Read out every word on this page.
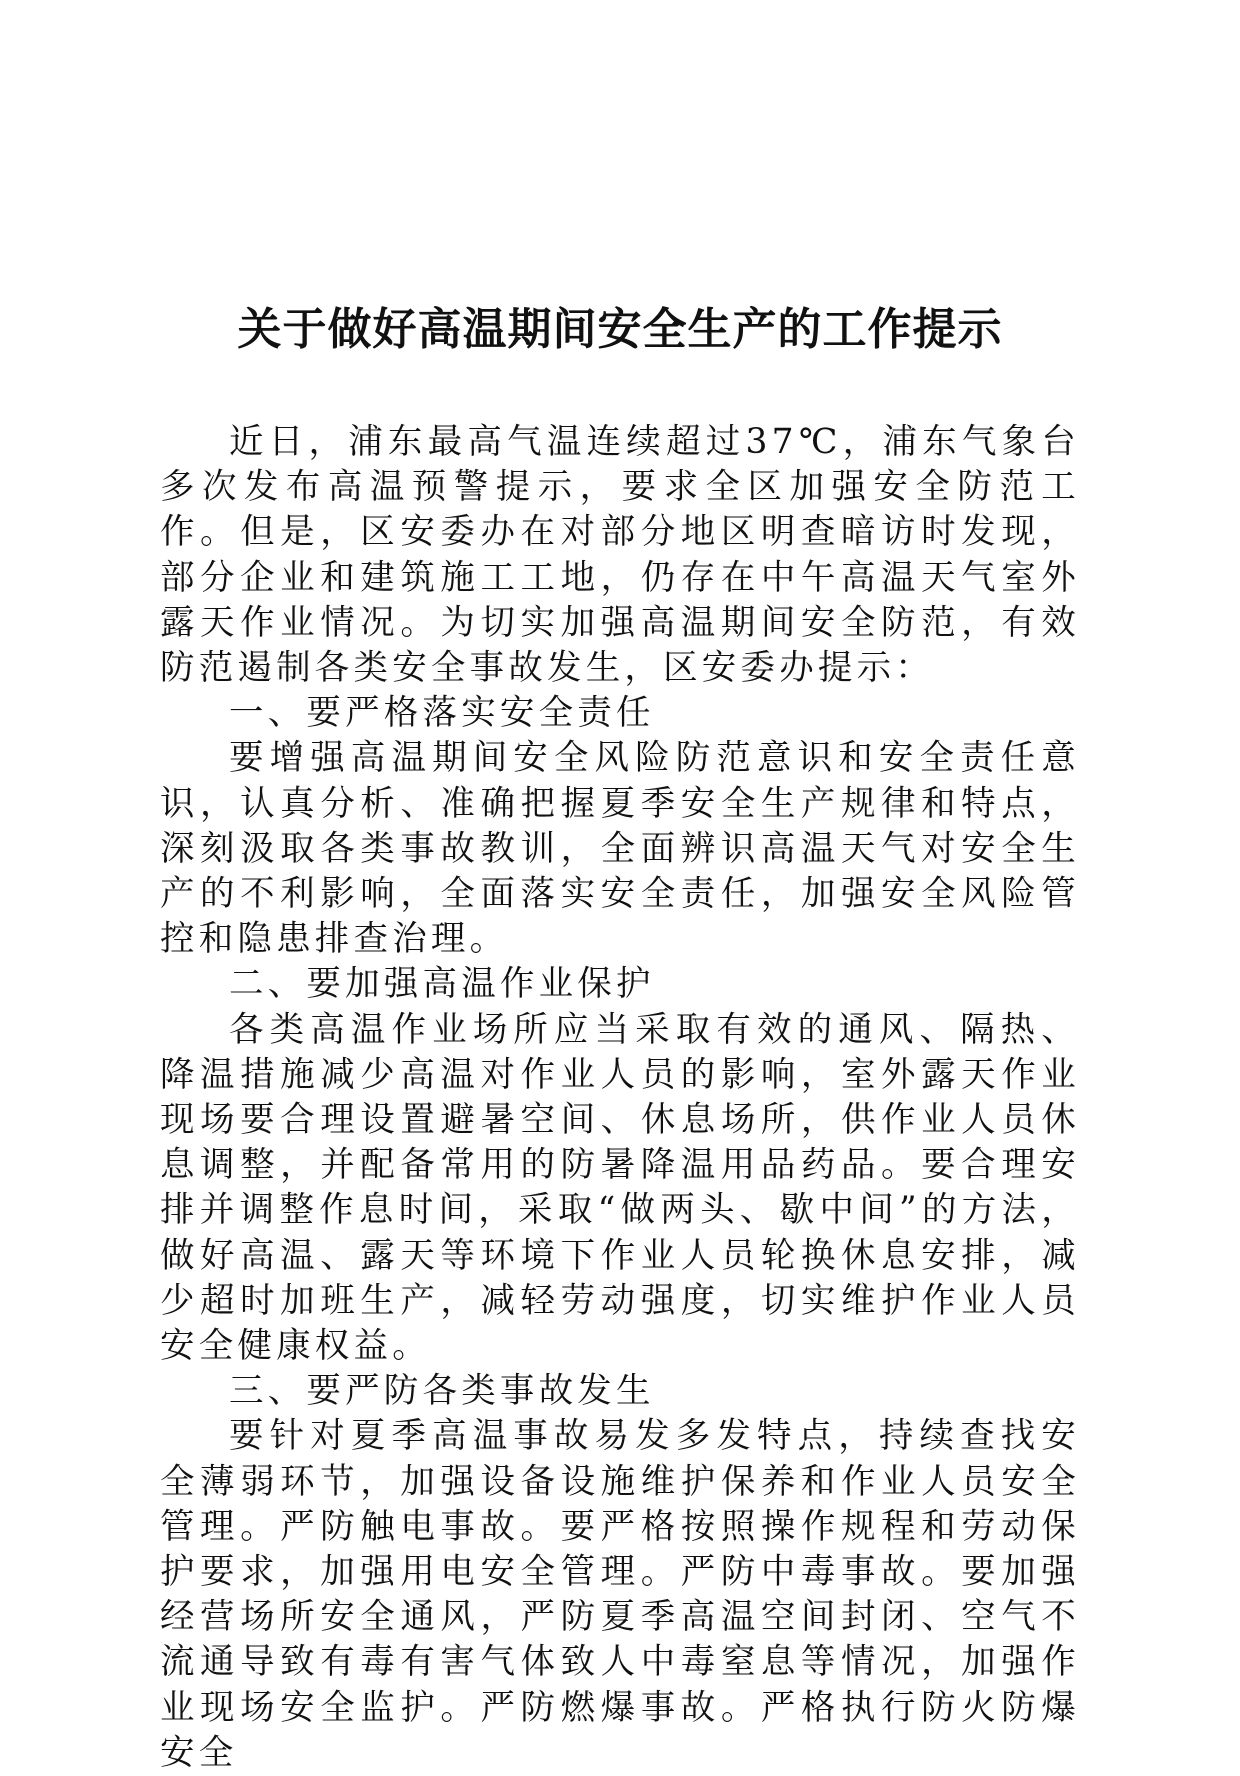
关于做好高温期间安全生产的工作提示

近日，浦东最高气温连续超过37℃，浦东气象台多次发布高温预警提示，要求全区加强安全防范工作。但是，区安委办在对部分地区明查暗访时发现，部分企业和建筑施工工地，仍存在中午高温天气室外露天作业情况。为切实加强高温期间安全防范，有效防范遏制各类安全事故发生，区安委办提示：

一、要严格落实安全责任

要增强高温期间安全风险防范意识和安全责任意识，认真分析、准确把握夏季安全生产规律和特点，深刻汲取各类事故教训，全面辨识高温天气对安全生产的不利影响，全面落实安全责任，加强安全风险管控和隐患排查治理。

二、要加强高温作业保护

各类高温作业场所应当采取有效的通风、隔热、降温措施减少高温对作业人员的影响，室外露天作业现场要合理设置避暑空间、休息场所，供作业人员休息调整，并配备常用的防暑降温用品药品。要合理安排并调整作息时间，采取“做两头、歇中间”的方法，做好高温、露天等环境下作业人员轮换休息安排，减少超时加班生产，减轻劳动强度，切实维护作业人员安全健康权益。

三、要严防各类事故发生

要针对夏季高温事故易发多发特点，持续查找安全薄弱环节，加强设备设施维护保养和作业人员安全管理。严防触电事故。要严格按照操作规程和劳动保护要求，加强用电安全管理。严防中毒事故。要加强经营场所安全通风，严防夏季高温空间封闭、空气不流通导致有毒有害气体致人中毒窒息等情况，加强作业现场安全监护。严防燃爆事故。严格执行防火防爆安全
